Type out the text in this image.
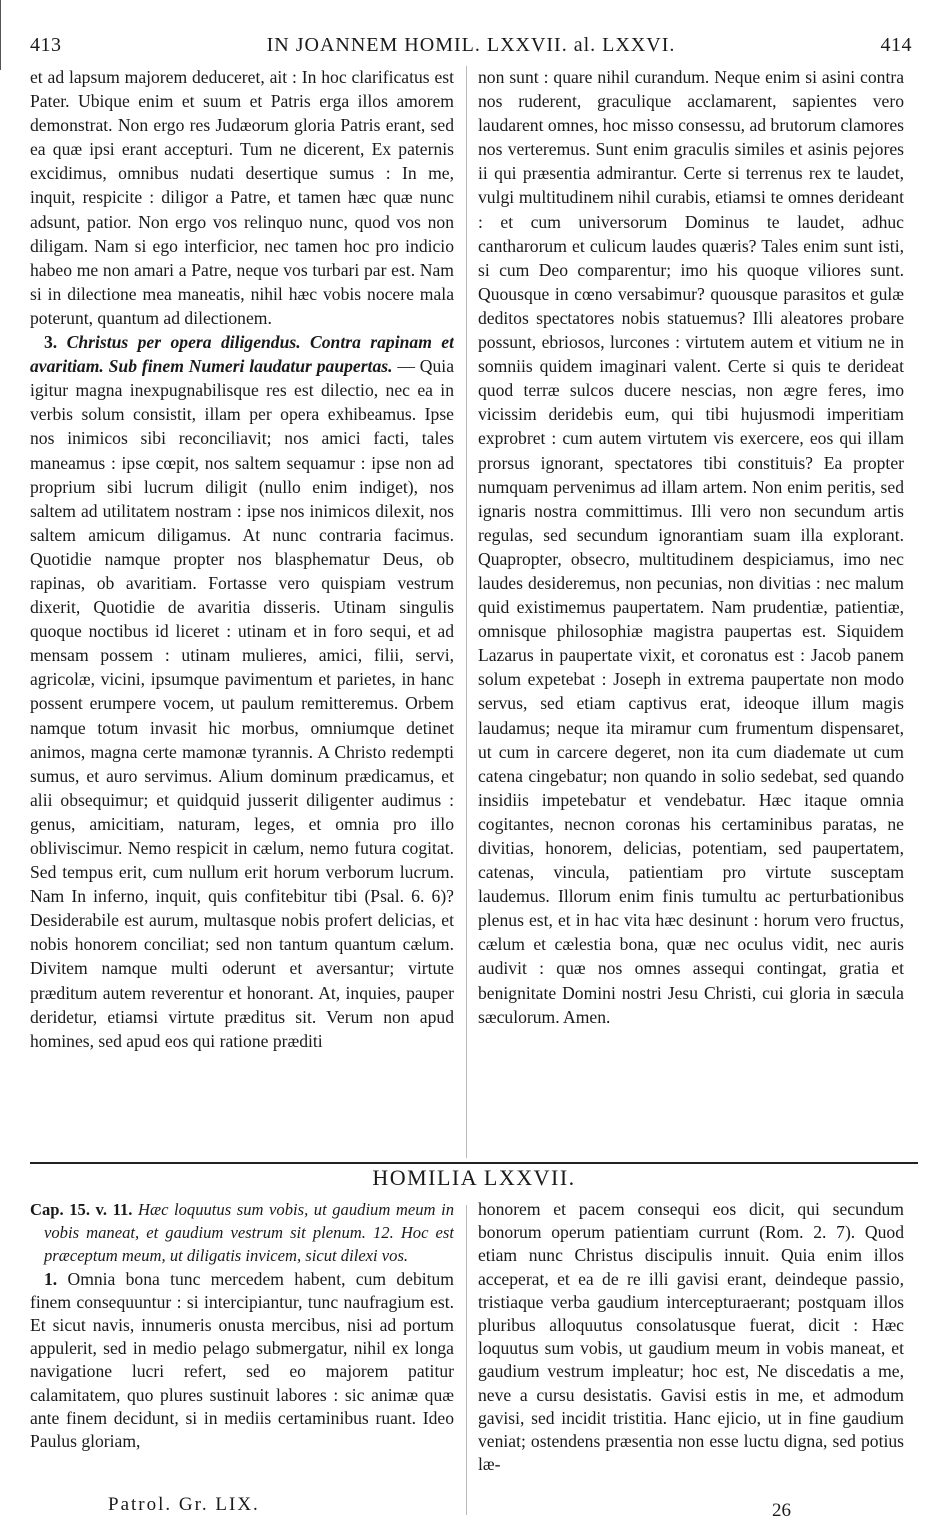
413	IN JOANNEM HOMIL. LXXVII. al. LXXVI.	414

et ad lapsum majorem deduceret, ait : In hoc clarificatus est Pater. Ubique enim et suum et Patris erga illos amorem demonstrat. Non ergo res Judæorum gloria Patris erant, sed ea quæ ipsi erant accepturi. Tum ne dicerent, Ex paternis excidimus, omnibus nudati desertique sumus : In me, inquit, respicite : diligor a Patre, et tamen hæc quæ nunc adsunt, patior. Non ergo vos relinquo nunc, quod vos non diligam. Nam si ego interficior, nec tamen hoc pro indicio habeo me non amari a Patre, neque vos turbari par est. Nam si in dilectione mea maneatis, nihil hæc vobis nocere mala poterunt, quantum ad dilectionem.

3. Christus per opera diligendus. Contra rapinam et avaritiam. Sub finem Numeri laudatur paupertas. — Quia igitur magna inexpugnabilisque res est dilectio, nec ea in verbis solum consistit, illam per opera exhibeamus. Ipse nos inimicos sibi reconciliavit; nos amici facti, tales maneamus : ipse cœpit, nos saltem sequamur : ipse non ad proprium sibi lucrum diligit (nullo enim indiget), nos saltem ad utilitatem nostram : ipse nos inimicos dilexit, nos saltem amicum diligamus. At nunc contraria facimus. Quotidie namque propter nos blasphematur Deus, ob rapinas, ob avaritiam. Fortasse vero quispiam vestrum dixerit, Quotidie de avaritia disseris. Utinam singulis quoque noctibus id liceret : utinam et in foro sequi, et ad mensam possem : utinam mulieres, amici, filii, servi, agricolæ, vicini, ipsumque pavimentum et parietes, in hanc possent erumpere vocem, ut paulum remitteremus. Orbem namque totum invasit hic morbus, omniumque detinet animos, magna certe mamonæ tyrannis. A Christo redempti sumus, et auro servimus. Alium dominum prædicamus, et alii obsequimur; et quidquid jusserit diligenter audimus : genus, amicitiam, naturam, leges, et omnia pro illo obliviscimur. Nemo respicit in cælum, nemo futura cogitat. Sed tempus erit, cum nullum erit horum verborum lucrum. Nam In inferno, inquit, quis confitebitur tibi (Psal. 6. 6)? Desiderabile est aurum, multasque nobis profert delicias, et nobis honorem conciliat; sed non tantum quantum cælum. Divitem namque multi oderunt et aversantur; virtute præditum autem reverentur et honorant. At, inquies, pauper deridetur, etiamsi virtute præditus sit. Verum non apud homines, sed apud eos qui ratione præditi

non sunt : quare nihil curandum. Neque enim si asini contra nos ruderent, graculique acclamarent, sapientes vero laudarent omnes, hoc misso consessu, ad brutorum clamores nos verteremus. Sunt enim graculis similes et asinis pejores ii qui præsentia admirantur. Certe si terrenus rex te laudet, vulgi multitudinem nihil curabis, etiamsi te omnes derideant : et cum universorum Dominus te laudet, adhuc cantharorum et culicum laudes quæris? Tales enim sunt isti, si cum Deo comparentur; imo his quoque viliores sunt. Quousque in cœno versabimur? quousque parasitos et gulæ deditos spectatores nobis statuemus? Illi aleatores probare possunt, ebriosos, lurcones : virtutem autem et vitium ne in somniis quidem imaginari valent. Certe si quis te derideat quod terræ sulcos ducere nescias, non ægre feres, imo vicissim deridebis eum, qui tibi hujusmodi imperitiam exprobret : cum autem virtutem vis exercere, eos qui illam prorsus ignorant, spectatores tibi constituis? Ea propter numquam pervenimus ad illam artem. Non enim peritis, sed ignaris nostra committimus. Illi vero non secundum artis regulas, sed secundum ignorantiam suam illa explorant. Quapropter, obsecro, multitudinem despiciamus, imo nec laudes desideremus, non pecunias, non divitias : nec malum quid existimemus paupertatem. Nam prudentiæ, patientiæ, omnisque philosophiæ magistra paupertas est. Siquidem Lazarus in paupertate vixit, et coronatus est : Jacob panem solum expetebat : Joseph in extrema paupertate non modo servus, sed etiam captivus erat, ideoque illum magis laudamus; neque ita miramur cum frumentum dispensaret, ut cum in carcere degeret, non ita cum diademate ut cum catena cingebatur; non quando in solio sedebat, sed quando insidiis impetebatur et vendebatur. Hæc itaque omnia cogitantes, necnon coronas his certaminibus paratas, ne divitias, honorem, delicias, potentiam, sed paupertatem, catenas, vincula, patientiam pro virtute susceptam laudemus. Illorum enim finis tumultu ac perturbationibus plenus est, et in hac vita hæc desinunt : horum vero fructus, cælum et cælestia bona, quæ nec oculus vidit, nec auris audivit : quæ nos omnes assequi contingat, gratia et benignitate Domini nostri Jesu Christi, cui gloria in sæcula sæculorum. Amen.

HOMILIA LXXVII.

Cap. 15. v. 11. Hæc loquutus sum vobis, ut gaudium meum in vobis maneat, et gaudium vestrum sit plenum. 12. Hoc est præceptum meum, ut diligatis invicem, sicut dilexi vos.

1. Omnia bona tunc mercedem habent, cum debitum finem consequuntur : si intercipiantur, tunc naufragium est. Et sicut navis, innumeris onusta mercibus, nisi ad portum appulerit, sed in medio pelago submergatur, nihil ex longa navigatione lucri refert, sed eo majorem patitur calamitatem, quo plures sustinuit labores : sic animæ quæ ante finem decidunt, si in mediis certaminibus ruant. Ideo Paulus gloriam,

honorem et pacem consequi eos dicit, qui secundum bonorum operum patientiam currunt (Rom. 2. 7). Quod etiam nunc Christus discipulis innuit. Quia enim illos acceperat, et ea de re illi gavisi erant, deindeque passio, tristiaque verba gaudium intercepturaerant; postquam illos pluribus alloquutus consolatusque fuerat, dicit : Hæc loquutus sum vobis, ut gaudium meum in vobis maneat, et gaudium vestrum impleatur; hoc est, Ne discedatis a me, neve a cursu desistatis. Gavisi estis in me, et admodum gavisi, sed incidit tristitia. Hanc ejicio, ut in fine gaudium veniat; ostendens præsentia non esse luctu digna, sed potius læ-

Patrol. Gr. LIX.	26
